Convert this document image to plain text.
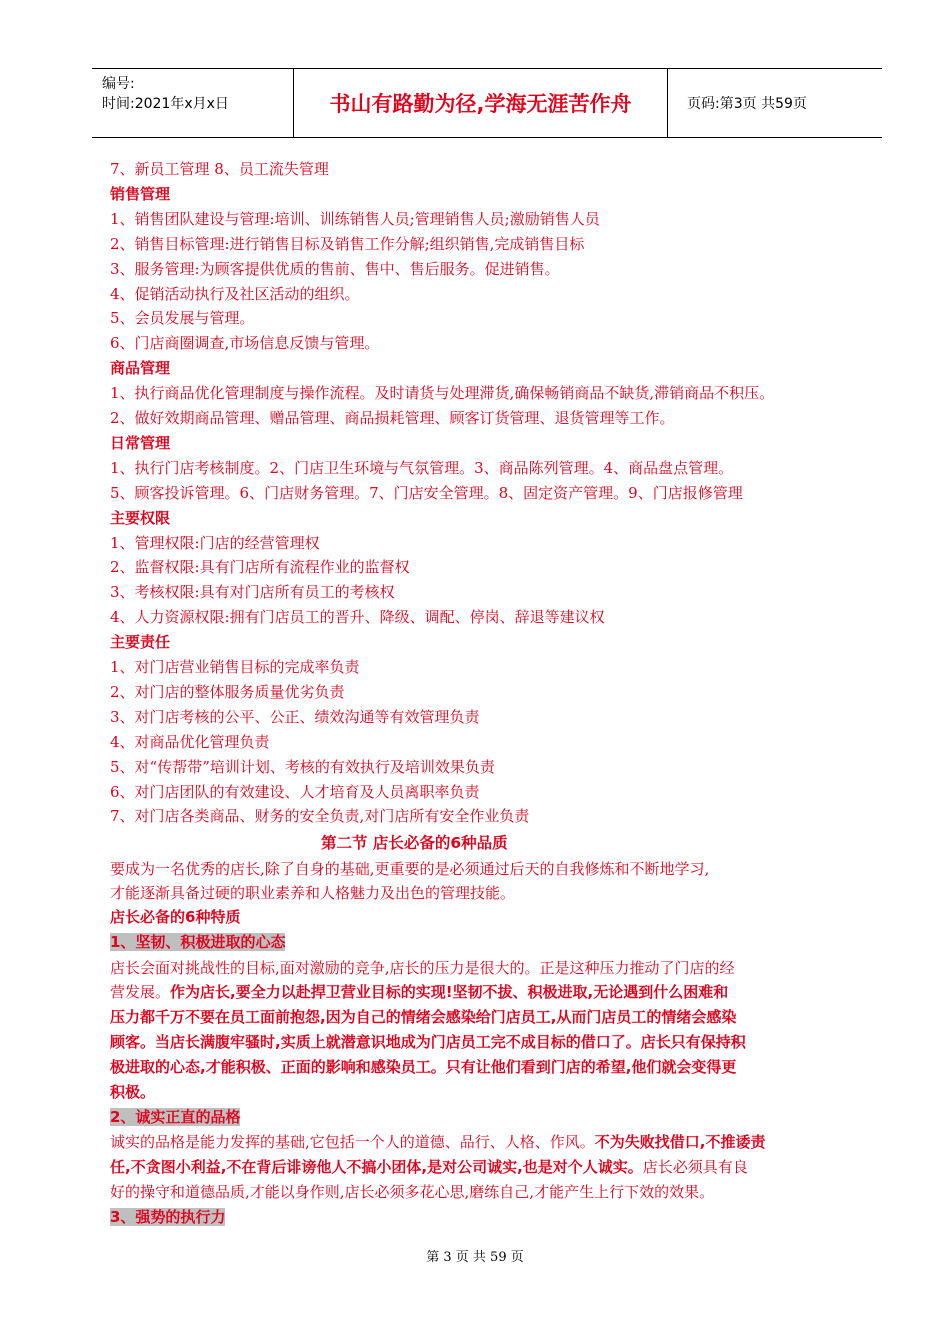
编号:
时间:2021年x月x日	书山有路勤为径,学海无涯苦作舟	页码:第3页 共59页
7、新员工管理 8、员工流失管理
销售管理
1、销售团队建设与管理:培训、训练销售人员;管理销售人员;激励销售人员
2、销售目标管理:进行销售目标及销售工作分解;组织销售,完成销售目标
3、服务管理:为顾客提供优质的售前、售中、售后服务。促进销售。
4、促销活动执行及社区活动的组织。
5、会员发展与管理。
6、门店商圈调查,市场信息反馈与管理。
商品管理
1、执行商品优化管理制度与操作流程。及时请货与处理滞货,确保畅销商品不缺货,滞销商品不积压。
2、做好效期商品管理、赠品管理、商品损耗管理、顾客订货管理、退货管理等工作。
日常管理
1、执行门店考核制度。2、门店卫生环境与气氛管理。3、商品陈列管理。4、商品盘点管理。
5、顾客投诉管理。6、门店财务管理。7、门店安全管理。8、固定资产管理。9、门店报修管理
主要权限
1、管理权限:门店的经营管理权
2、监督权限:具有门店所有流程作业的监督权
3、考核权限:具有对门店所有员工的考核权
4、人力资源权限:拥有门店员工的晋升、降级、调配、停岗、辞退等建议权
主要责任
1、对门店营业销售目标的完成率负责
2、对门店的整体服务质量优劣负责
3、对门店考核的公平、公正、绩效沟通等有效管理负责
4、对商品优化管理负责
5、对“传帮带”培训计划、考核的有效执行及培训效果负责
6、对门店团队的有效建设、人才培育及人员离职率负责
7、对门店各类商品、财务的安全负责,对门店所有安全作业负责
第二节 店长必备的6种品质
要成为一名优秀的店长,除了自身的基础,更重要的是必须通过后天的自我修炼和不断地学习,
才能逐渐具备过硬的职业素养和人格魅力及出色的管理技能。
店长必备的6种特质
1、坚韧、积极进取的心态
店长会面对挑战性的目标,面对激励的竞争,店长的压力是很大的。正是这种压力推动了门店的经
营发展。作为店长,要全力以赴捍卫营业目标的实现!坚韧不拔、积极进取,无论遇到什么困难和
压力都千万不要在员工面前抱怨,因为自己的情绪会感染给门店员工,从而门店员工的情绪会感染
顾客。当店长满腹牢骚时,实质上就潜意识地成为门店员工完不成目标的借口了。店长只有保持积
极进取的心态,才能积极、正面的影响和感染员工。只有让他们看到门店的希望,他们就会变得更
积极。
2、诚实正直的品格
诚实的品格是能力发挥的基础,它包括一个人的道德、品行、人格、作风。不为失败找借口,不推诿责
任,不贪图小利益,不在背后诽谤他人不搞小团体,是对公司诚实,也是对个人诚实。店长必须具有良
好的操守和道德品质,才能以身作则,店长必须多花心思,磨练自己,才能产生上行下效的效果。
3、强势的执行力
第 3 页 共 59 页
